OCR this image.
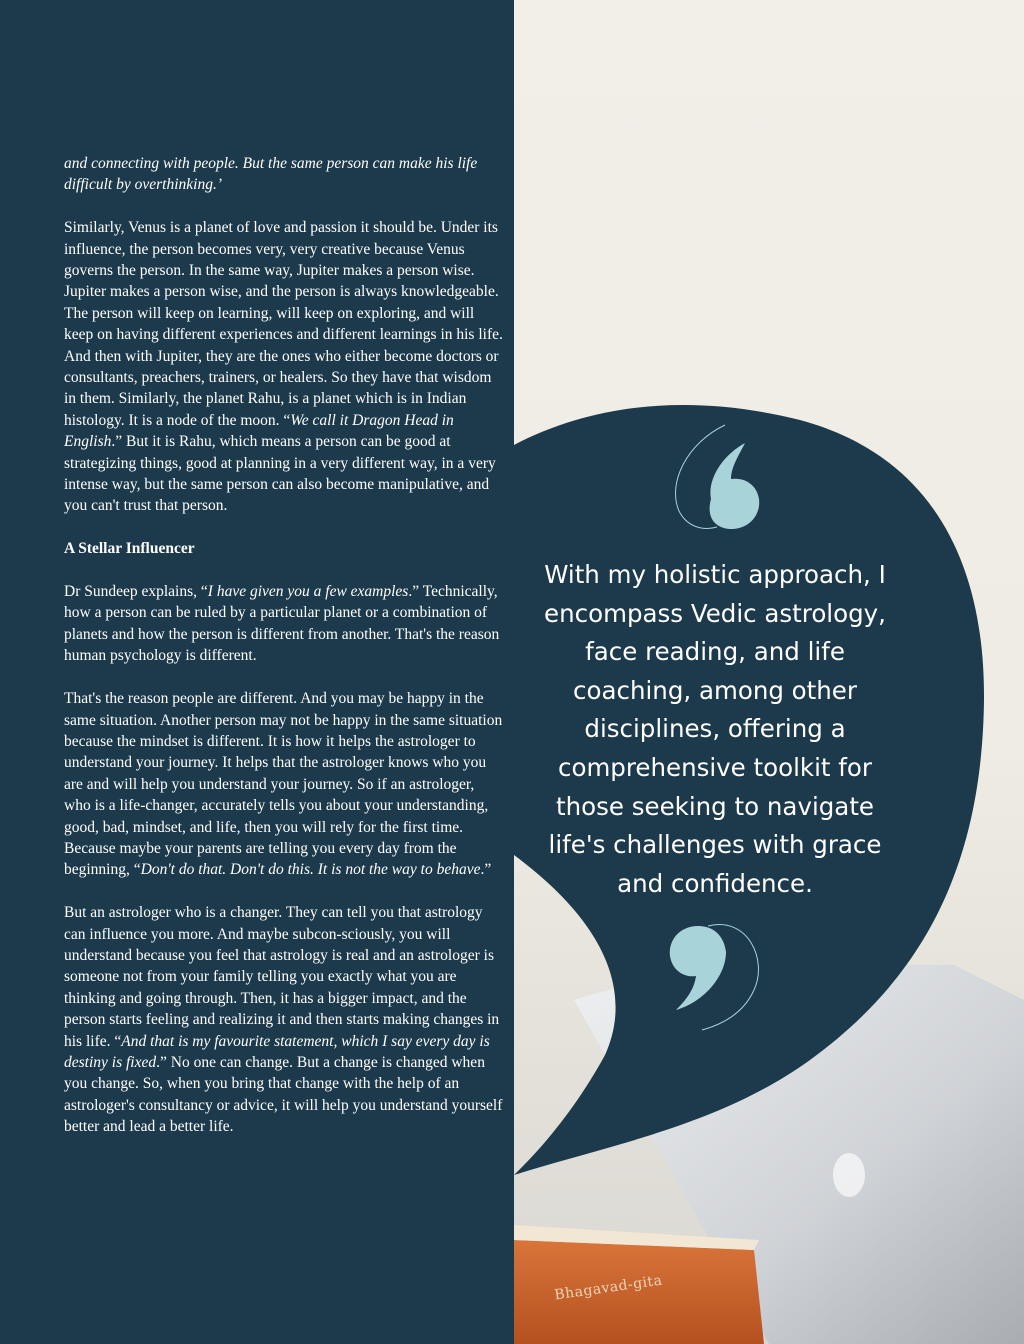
Bhagavad-gita

and connecting with people. But the same person can make his life difficult by overthinking.’

Similarly, Venus is a planet of love and passion it should be. Under its influence, the person becomes very, very creative because Venus governs the person. In the same way, Jupiter makes a person wise. Jupiter makes a person wise, and the person is always knowledgeable. The person will keep on learning, will keep on exploring, and will keep on having different experiences and different learnings in his life. And then with Jupiter, they are the ones who either become doctors or consultants, preachers, trainers, or healers. So they have that wisdom in them. Similarly, the planet Rahu, is a planet which is in Indian histology. It is a node of the moon. “We call it Dragon Head in English.” But it is Rahu, which means a person can be good at strategizing things, good at planning in a very different way, in a very intense way, but the same person can also become manipulative, and you can't trust that person.

A Stellar Influencer

Dr Sundeep explains, “I have given you a few examples.” Technically, how a person can be ruled by a particular planet or a combination of planets and how the person is different from another. That's the reason human psychology is different.

That's the reason people are different. And you may be happy in the same situation. Another person may not be happy in the same situation because the mindset is different. It is how it helps the astrologer to understand your journey. It helps that the astrologer knows who you are and will help you understand your journey. So if an astrologer, who is a life-changer, accurately tells you about your understanding, good, bad, mindset, and life, then you will rely for the first time. Because maybe your parents are telling you every day from the beginning, “Don't do that. Don't do this. It is not the way to behave.”

But an astrologer who is a changer. They can tell you that astrology can influence you more. And maybe subcon-sciously, you will understand because you feel that astrology is real and an astrologer is someone not from your family telling you exactly what you are thinking and going through. Then, it has a bigger impact, and the person starts feeling and realizing it and then starts making changes in his life. “And that is my favourite statement, which I say every day is destiny is fixed.” No one can change. But a change is changed when you change. So, when you bring that change with the help of an astrologer's consultancy or advice, it will help you understand yourself better and lead a better life.

With my holistic approach, I
encompass Vedic astrology,
face reading, and life
coaching, among other
disciplines, offering a
comprehensive toolkit for
those seeking to navigate
life's challenges with grace
and confidence.
